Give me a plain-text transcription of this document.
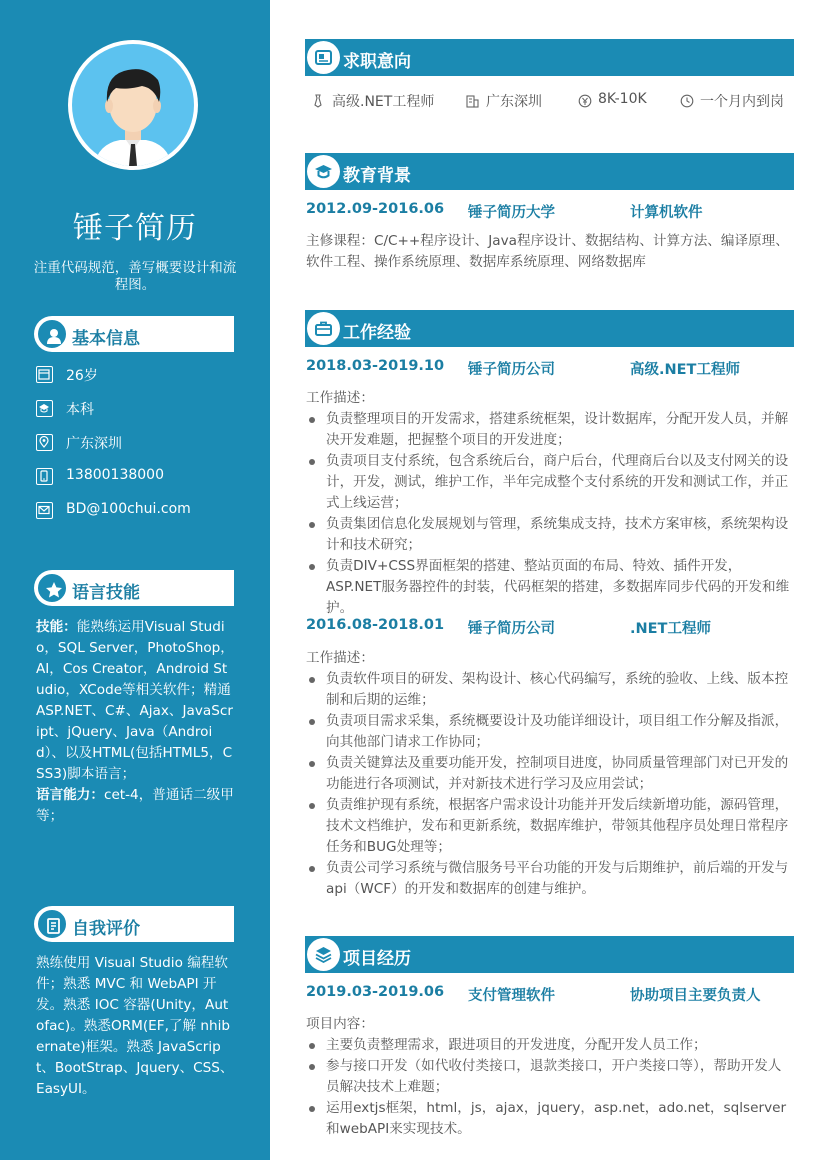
锤子简历
注重代码规范，善写概要设计和流程图。
基本信息
26岁
本科
广东深圳
13800138000
BD@100chui.com
语言技能
技能：能熟练运用Visual Studio，SQL Server，PhotoShop，AI，Cos Creator，Android Studio，XCode等相关软件；精通ASP.NET、C#、Ajax、JavaScript、jQuery、Java（Android）、以及HTML(包括HTML5，CSS3)脚本语言；
语言能力：cet-4，普通话二级甲等；
自我评价
熟练使用 Visual Studio 编程软件；熟悉 MVC 和 WebAPI 开发。熟悉 IOC 容器(Unity，Autofac)。熟悉ORM(EF,了解 nhibernate)框架。熟悉 JavaScript、BootStrap、Jquery、CSS、EasyUI。
求职意向
高级.NET工程师	广东深圳	8K-10K	一个月内到岗
教育背景
2012.09-2016.06 锤子简历大学	计算机软件
主修课程：C/C++程序设计、Java程序设计、数据结构、计算方法、编译原理、软件工程、操作系统原理、数据库系统原理、网络数据库
工作经验
2018.03-2019.10 锤子简历公司	高级.NET工程师
工作描述：
负责整理项目的开发需求，搭建系统框架，设计数据库，分配开发人员，并解决开发难题，把握整个项目的开发进度；
负责项目支付系统，包含系统后台，商户后台，代理商后台以及支付网关的设计，开发，测试，维护工作，半年完成整个支付系统的开发和测试工作，并正式上线运营；
负责集团信息化发展规划与管理，系统集成支持，技术方案审核，系统架构设计和技术研究；
负责DIV+CSS界面框架的搭建、整站页面的布局、特效、插件开发，ASP.NET服务器控件的封装，代码框架的搭建，多数据库同步代码的开发和维护。
2016.08-2018.01 锤子简历公司	.NET工程师
工作描述：
负责软件项目的研发、架构设计、核心代码编写，系统的验收、上线、版本控制和后期的运维；
负责项目需求采集，系统概要设计及功能详细设计，项目组工作分解及指派，向其他部门请求工作协同；
负责关键算法及重要功能开发，控制项目进度，协同质量管理部门对已开发的功能进行各项测试，并对新技术进行学习及应用尝试；
负责维护现有系统，根据客户需求设计功能并开发后续新增功能，源码管理，技术文档维护，发布和更新系统，数据库维护，带领其他程序员处理日常程序任务和BUG处理等；
负责公司学习系统与微信服务号平台功能的开发与后期维护，前后端的开发与api（WCF）的开发和数据库的创建与维护。
项目经历
2019.03-2019.06 支付管理软件	协助项目主要负责人
项目内容：
主要负责整理需求，跟进项目的开发进度，分配开发人员工作；
参与接口开发（如代收付类接口，退款类接口，开户类接口等），帮助开发人员解决技术上难题；
运用extjs框架，html，js，ajax，jquery，asp.net，ado.net，sqlserver和webAPI来实现技术。
